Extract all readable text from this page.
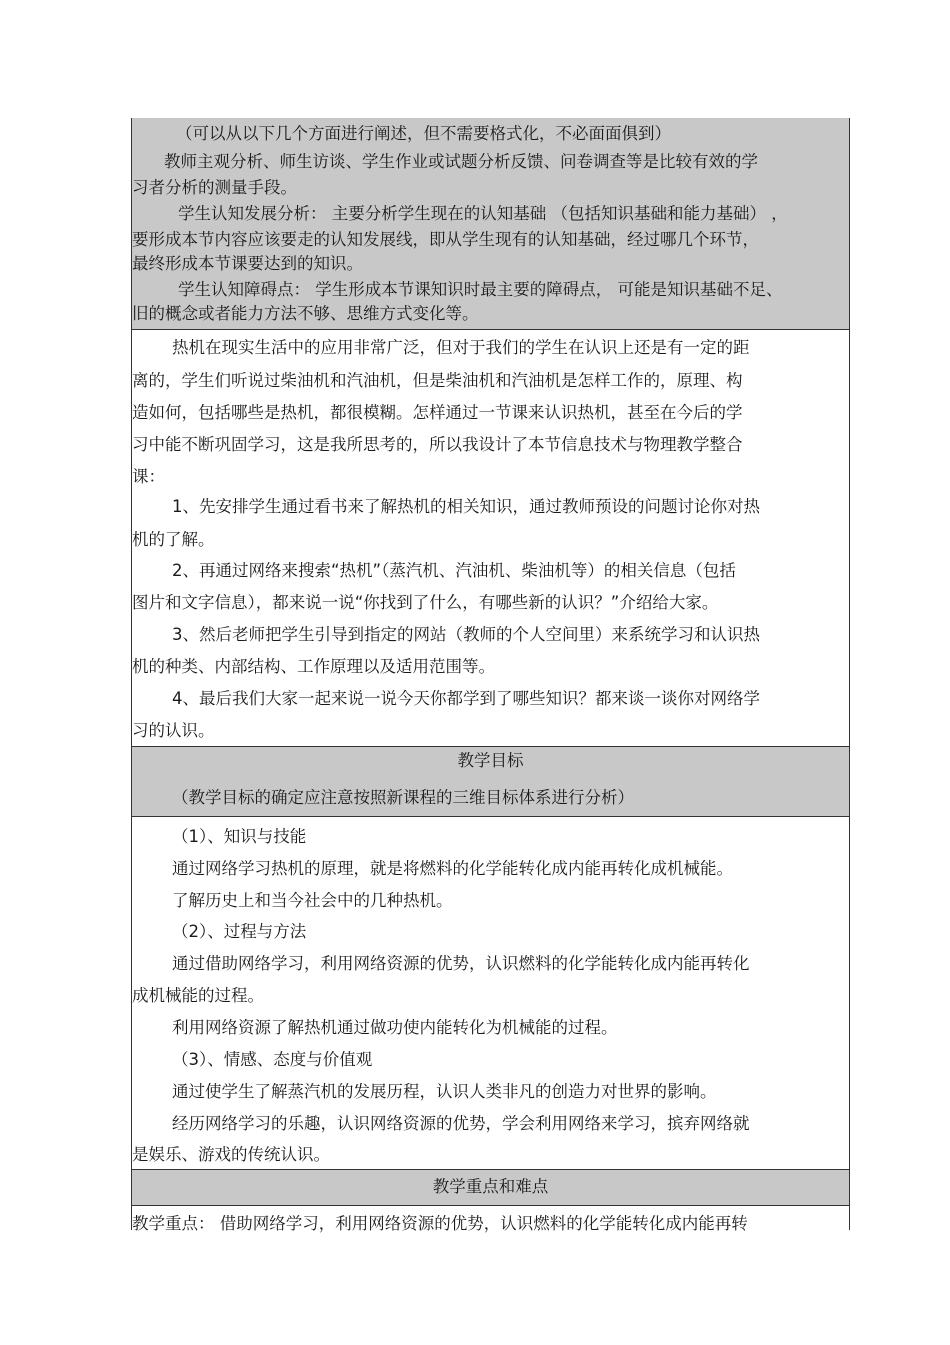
（可以从以下几个方面进行阐述，但不需要格式化，不必面面俱到）
教师主观分析、师生访谈、学生作业或试题分析反馈、问卷调查等是比较有效的学
习者分析的测量手段。
学生认知发展分析： 主要分析学生现在的认知基础 （包括知识基础和能力基础） ，
要形成本节内容应该要走的认知发展线，即从学生现有的认知基础，经过哪几个环节，
最终形成本节课要达到的知识。
学生认知障碍点： 学生形成本节课知识时最主要的障碍点， 可能是知识基础不足、
旧的概念或者能力方法不够、思维方式变化等。
热机在现实生活中的应用非常广泛，但对于我们的学生在认识上还是有一定的距
离的，学生们听说过柴油机和汽油机，但是柴油机和汽油机是怎样工作的，原理、构
造如何，包括哪些是热机，都很模糊。怎样通过一节课来认识热机，甚至在今后的学
习中能不断巩固学习，这是我所思考的，所以我设计了本节信息技术与物理教学整合
课：
1、先安排学生通过看书来了解热机的相关知识，通过教师预设的问题讨论你对热
机的了解。
2、再通过网络来搜索“热机”（蒸汽机、汽油机、柴油机等）的相关信息（包括
图片和文字信息），都来说一说“你找到了什么，有哪些新的认识？”介绍给大家。
3、然后老师把学生引导到指定的网站（教师的个人空间里）来系统学习和认识热
机的种类、内部结构、工作原理以及适用范围等。
4、最后我们大家一起来说一说今天你都学到了哪些知识？都来谈一谈你对网络学
习的认识。
教学目标
（教学目标的确定应注意按照新课程的三维目标体系进行分析）
（1）、知识与技能
通过网络学习热机的原理，就是将燃料的化学能转化成内能再转化成机械能。
了解历史上和当今社会中的几种热机。
（2）、过程与方法
通过借助网络学习，利用网络资源的优势，认识燃料的化学能转化成内能再转化
成机械能的过程。
利用网络资源了解热机通过做功使内能转化为机械能的过程。
（3）、情感、态度与价值观
通过使学生了解蒸汽机的发展历程，认识人类非凡的创造力对世界的影响。
经历网络学习的乐趣，认识网络资源的优势，学会利用网络来学习，摈弃网络就
是娱乐、游戏的传统认识。
教学重点和难点
教学重点： 借助网络学习，利用网络资源的优势，认识燃料的化学能转化成内能再转
